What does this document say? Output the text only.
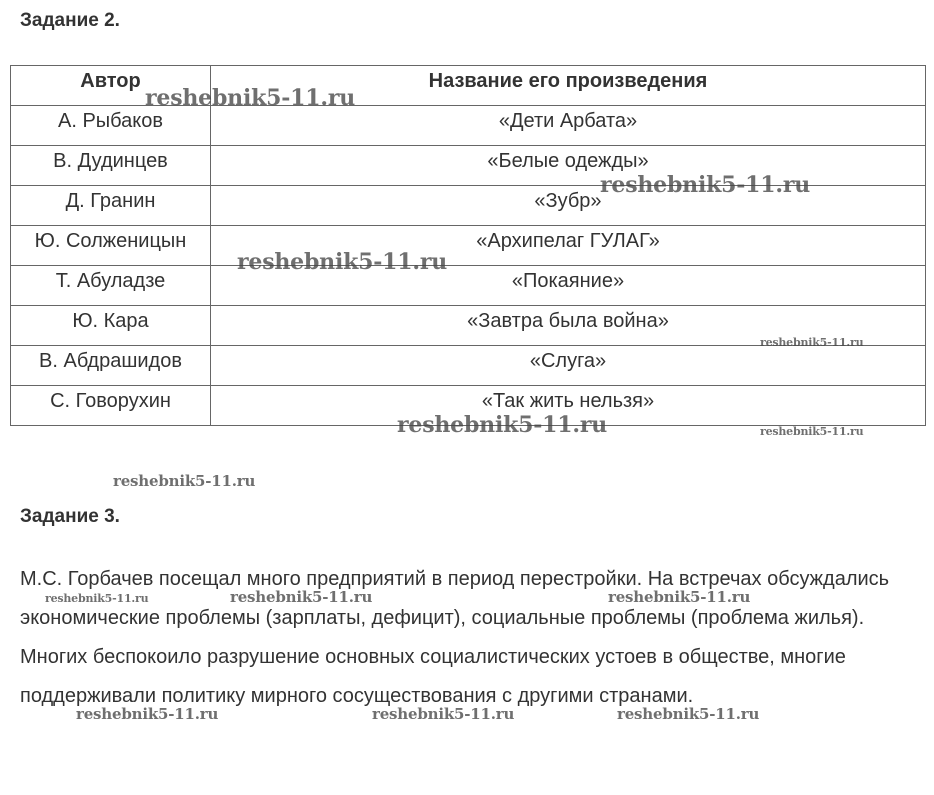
Задание 2.
Автор	Название его произведения
А. Рыбаков	«Дети Арбата»
В. Дудинцев	«Белые одежды»
Д. Гранин	«Зубр»
Ю. Солженицын	«Архипелаг ГУЛАГ»
Т. Абуладзе	«Покаяние»
Ю. Кара	«Завтра была война»
В. Абдрашидов	«Слуга»
С. Говорухин	«Так жить нельзя»
Задание 3.

М.С. Горбачев посещал много предприятий в период перестройки. На встречах обсуждались экономические проблемы (зарплаты, дефицит), социальные проблемы (проблема жилья). Многих беспокоило разрушение основных социалистических устоев в обществе, многие поддерживали политику мирного сосуществования с другими странами.

reshebnik5-11.ru
reshebnik5-11.ru
reshebnik5-11.ru
reshebnik5-11.ru
reshebnik5-11.ru	reshebnik5-11.ru
reshebnik5-11.ru
reshebnik5-11.ru	reshebnik5-11.ru	reshebnik5-11.ru
reshebnik5-11.ru	reshebnik5-11.ru	reshebnik5-11.ru
